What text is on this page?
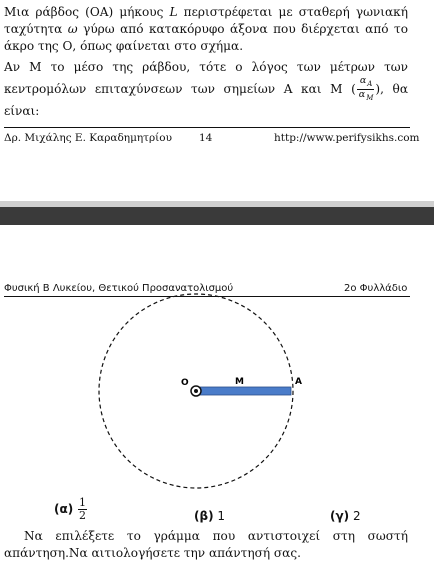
Μια ράβδος (ΟΑ) μήκους L περιστρέφεται με σταθερή γωνιακή ταχύτητα ω γύρω από κατακόρυφο άξονα που διέρχεται από το άκρο της Ο, όπως φαίνεται στο σχήμα.
Αν Μ το μέσο της ράβδου, τότε ο λόγος των μέτρων των κεντρομόλων επιταχύνσεων των σημείων Α και Μ ( $\frac{\alpha_A}{\alpha_M}$ ), θα είναι:
Δρ. Μιχάλης Ε. Καραδημητρίου	14	http://www.perifysikhs.com
Φυσική Β Λυκείου, Θετικού Προσανατολισμού	2ο Φυλλάδιο
O	M	A
$(\alpha) \frac{1}{2}$	(β) 1	(γ) 2
Να επιλέξετε το γράμμα που αντιστοιχεί στη σωστή απάντηση.Να αιτιολογήσετε την απάντησή σας.
